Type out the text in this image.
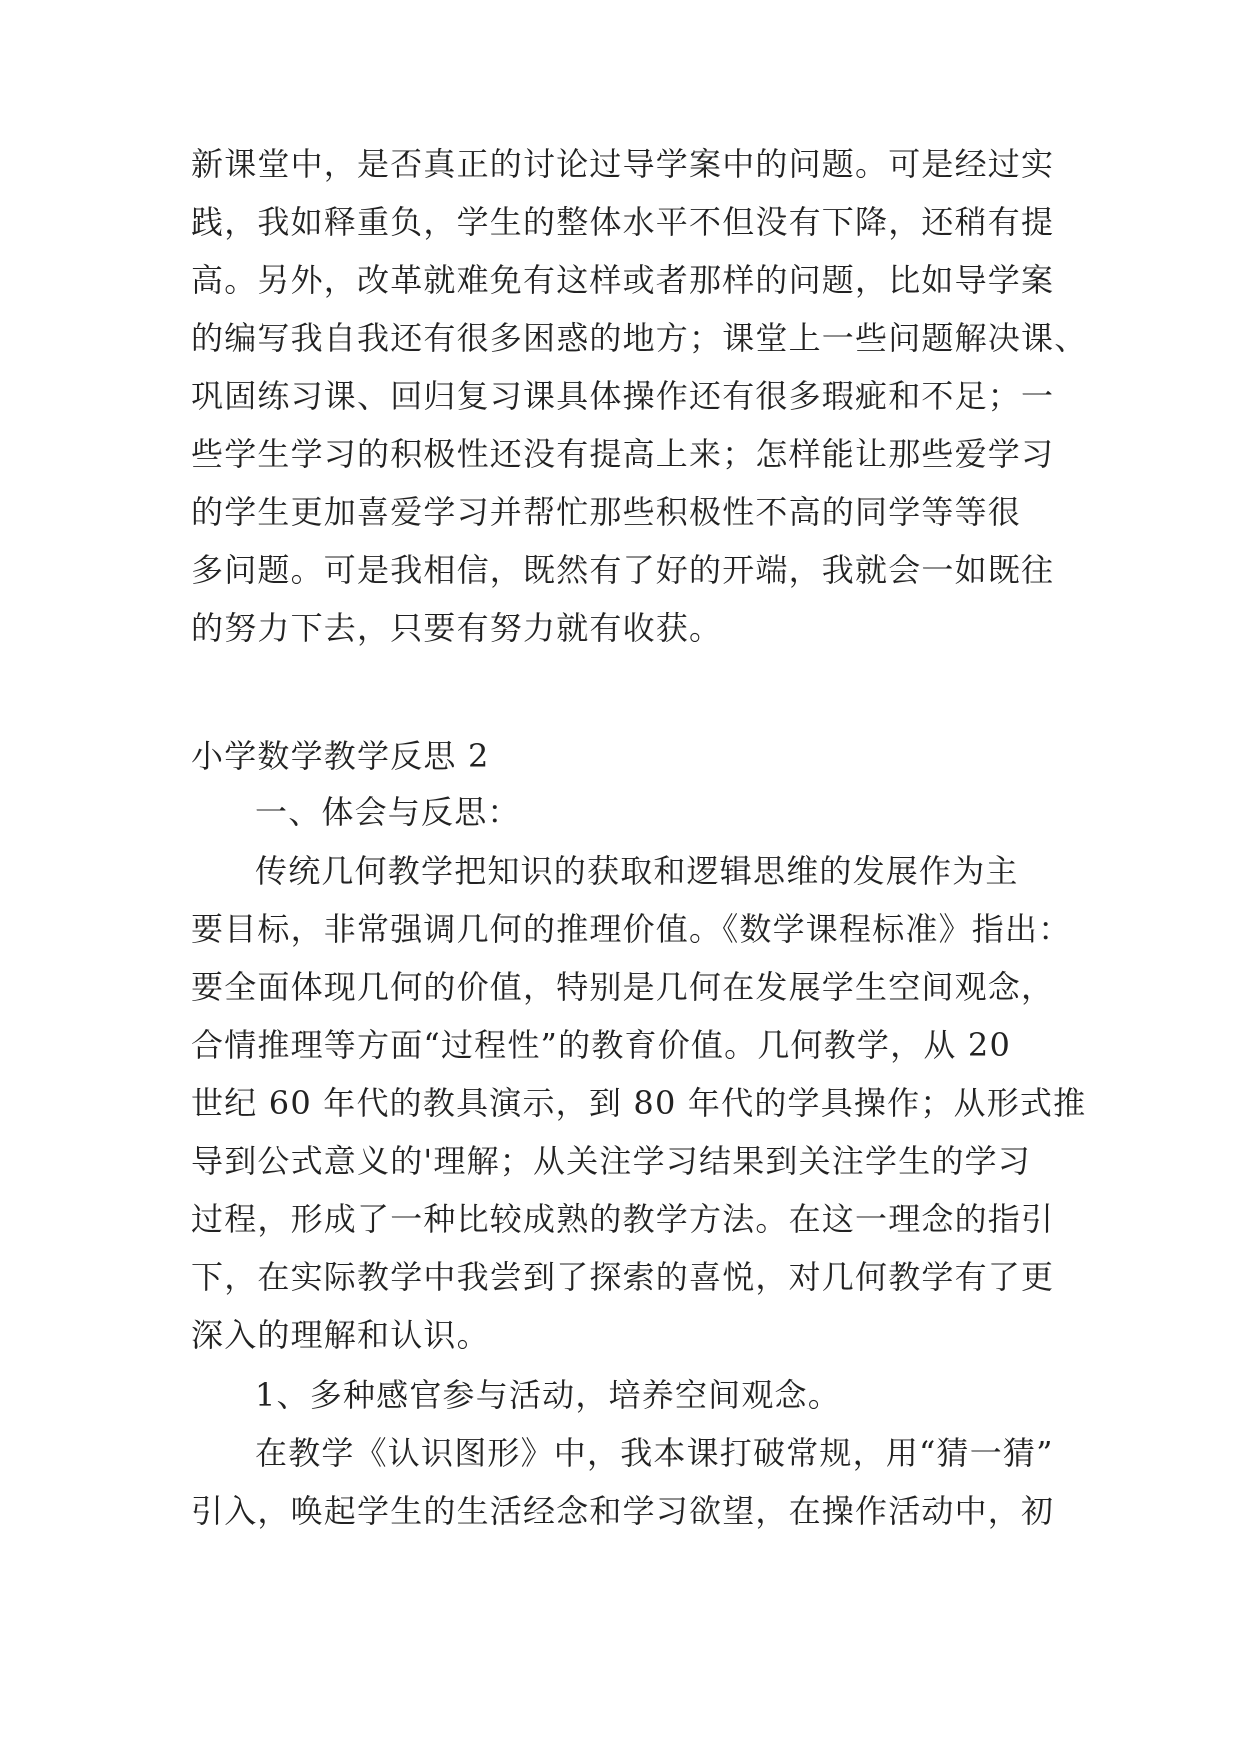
新课堂中，是否真正的讨论过导学案中的问题。可是经过实
践，我如释重负，学生的整体水平不但没有下降，还稍有提
高。另外，改革就难免有这样或者那样的问题，比如导学案
的编写我自我还有很多困惑的地方；课堂上一些问题解决课、
巩固练习课、回归复习课具体操作还有很多瑕疵和不足；一
些学生学习的积极性还没有提高上来；怎样能让那些爱学习
的学生更加喜爱学习并帮忙那些积极性不高的同学等等很
多问题。可是我相信，既然有了好的开端，我就会一如既往
的努力下去，只要有努力就有收获。
小学数学教学反思 2
一、体会与反思：
传统几何教学把知识的获取和逻辑思维的发展作为主
要目标，非常强调几何的推理价值。《数学课程标准》指出：
要全面体现几何的价值，特别是几何在发展学生空间观念，
合情推理等方面“过程性”的教育价值。几何教学，从 20
世纪 60 年代的教具演示，到 80 年代的学具操作；从形式推
导到公式意义的'理解；从关注学习结果到关注学生的学习
过程，形成了一种比较成熟的教学方法。在这一理念的指引
下，在实际教学中我尝到了探索的喜悦，对几何教学有了更
深入的理解和认识。
1、多种感官参与活动，培养空间观念。
在教学《认识图形》中，我本课打破常规，用“猜一猜”
引入，唤起学生的生活经念和学习欲望，在操作活动中，初
